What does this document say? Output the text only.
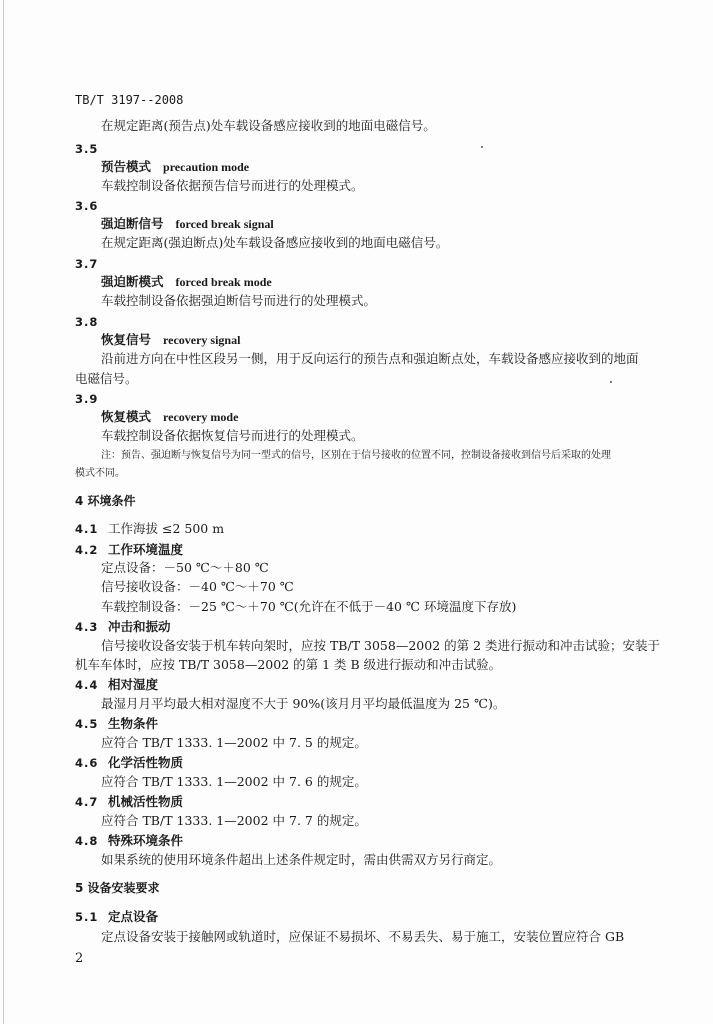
TB/T 3197--2008
在规定距离(预告点)处车载设备感应接收到的地面电磁信号。
3.5
预告模式 precaution mode
车载控制设备依据预告信号而进行的处理模式。
3.6
强迫断信号 forced break signal
在规定距离(强迫断点)处车载设备感应接收到的地面电磁信号。
3.7
强迫断模式 forced break mode
车载控制设备依据强迫断信号而进行的处理模式。
3.8
恢复信号 recovery signal
沿前进方向在中性区段另一侧，用于反向运行的预告点和强迫断点处，车载设备感应接收到的地面
电磁信号。
3.9
恢复模式 recovery mode
车载控制设备依据恢复信号而进行的处理模式。
注：预告、强迫断与恢复信号为同一型式的信号，区别在于信号接收的位置不同，控制设备接收到信号后采取的处理
模式不同。
4 环境条件
4.1 工作海拔 ≤2 500 m
4.2 工作环境温度
定点设备：－50 ℃～＋80 ℃
信号接收设备：－40 ℃～＋70 ℃
车载控制设备：－25 ℃～＋70 ℃(允许在不低于－40 ℃ 环境温度下存放)
4.3 冲击和振动
信号接收设备安装于机车转向架时，应按 TB/T 3058—2002 的第 2 类进行振动和冲击试验；安装于
机车车体时，应按 TB/T 3058—2002 的第 1 类 B 级进行振动和冲击试验。
4.4 相对湿度
最湿月月平均最大相对湿度不大于 90%(该月月平均最低温度为 25 ℃)。
4.5 生物条件
应符合 TB/T 1333. 1—2002 中 7. 5 的规定。
4.6 化学活性物质
应符合 TB/T 1333. 1—2002 中 7. 6 的规定。
4.7 机械活性物质
应符合 TB/T 1333. 1—2002 中 7. 7 的规定。
4.8 特殊环境条件
如果系统的使用环境条件超出上述条件规定时，需由供需双方另行商定。
5 设备安装要求
5.1 定点设备
定点设备安装于接触网或轨道时，应保证不易损坏、不易丢失、易于施工，安装位置应符合 GB
2
